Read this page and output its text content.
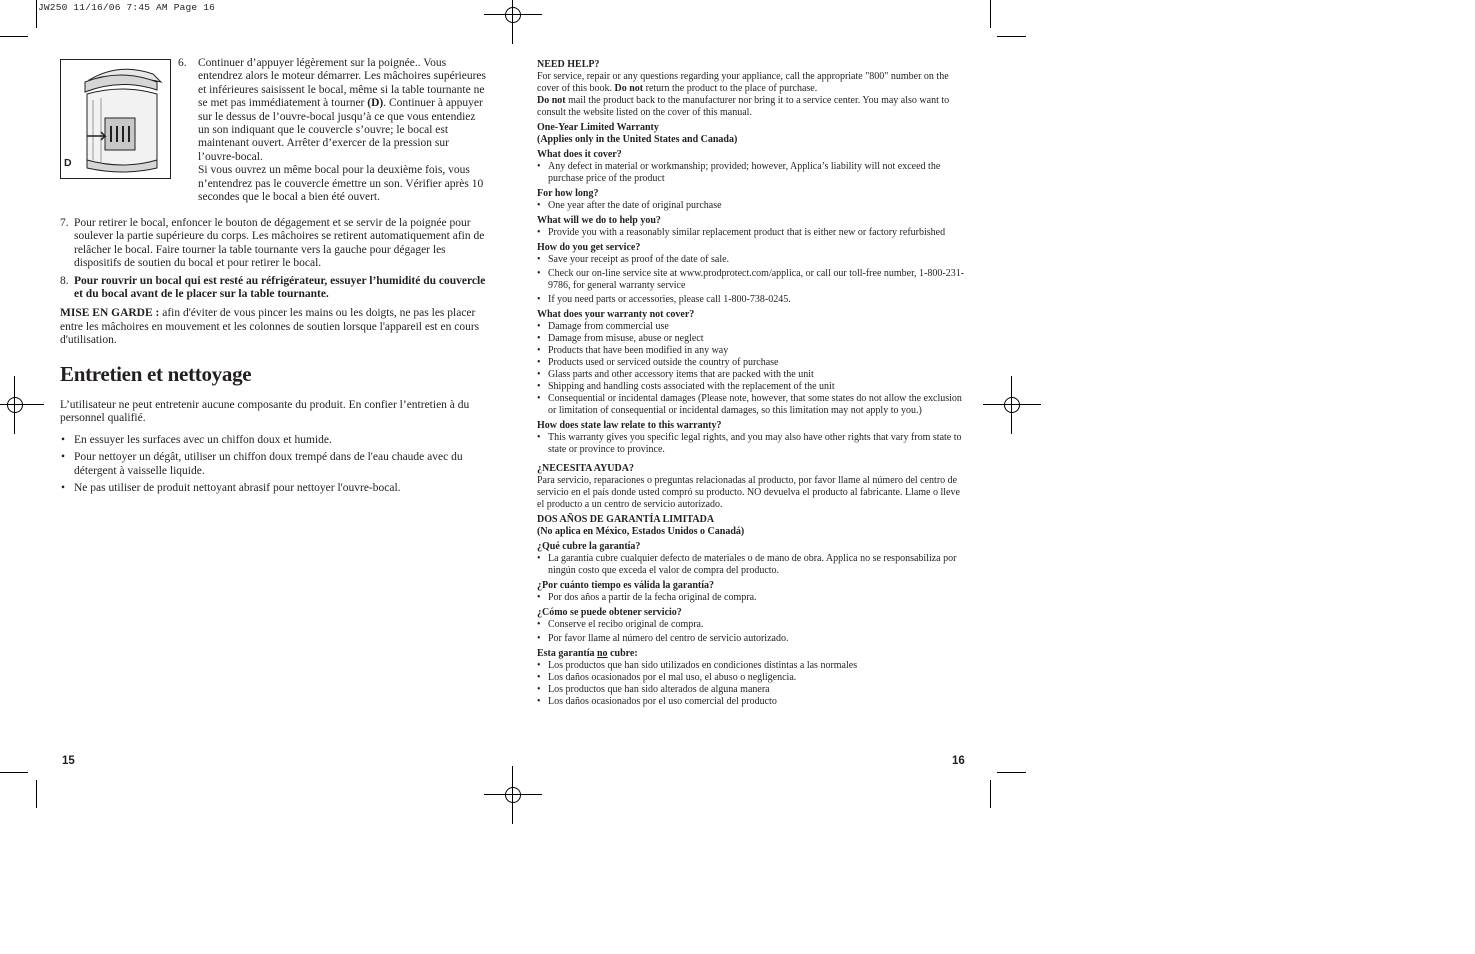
JW250 11/16/06 7:45 AM Page 16
D
6. Continuer d’appuyer légèrement sur la poignée.. Vous entendrez alors le moteur démarrer. Les mâchoires supérieures et inférieures saisissent le bocal, même si la table tournante ne se met pas immédiatement à tourner (D). Continuer à appuyer sur le dessus de l’ouvre-bocal jusqu’à ce que vous entendiez un son indiquant que le couvercle s’ouvre; le bocal est maintenant ouvert. Arrêter d’exercer de la pression sur l’ouvre-bocal.
Si vous ouvrez un même bocal pour la deuxième fois, vous n’entendrez pas le couvercle émettre un son. Vérifier après 10 secondes que le bocal a bien été ouvert.
7. Pour retirer le bocal, enfoncer le bouton de dégagement et se servir de la poignée pour soulever la partie supérieure du corps. Les mâchoires se retirent automatiquement afin de relâcher le bocal. Faire tourner la table tournante vers la gauche pour dégager les dispositifs de soutien du bocal et pour retirer le bocal.
8. Pour rouvrir un bocal qui est resté au réfrigérateur, essuyer l’humidité du couvercle et du bocal avant de le placer sur la table tournante.
MISE EN GARDE : afin d'éviter de vous pincer les mains ou les doigts, ne pas les placer entre les mâchoires en mouvement et les colonnes de soutien lorsque l'appareil est en cours d'utilisation.
Entretien et nettoyage
L’utilisateur ne peut entretenir aucune composante du produit. En confier l’entretien à du personnel qualifié.
• En essuyer les surfaces avec un chiffon doux et humide.
• Pour nettoyer un dégât, utiliser un chiffon doux trempé dans de l'eau chaude avec du détergent à vaisselle liquide.
• Ne pas utiliser de produit nettoyant abrasif pour nettoyer l'ouvre-bocal.
15
NEED HELP?
For service, repair or any questions regarding your appliance, call the appropriate "800" number on the cover of this book. Do not return the product to the place of purchase.
Do not mail the product back to the manufacturer nor bring it to a service center. You may also want to consult the website listed on the cover of this manual.
One-Year Limited Warranty
(Applies only in the United States and Canada)
What does it cover?
• Any defect in material or workmanship; provided; however, Applica’s liability will not exceed the purchase price of the product
For how long?
• One year after the date of original purchase
What will we do to help you?
• Provide you with a reasonably similar replacement product that is either new or factory refurbished
How do you get service?
• Save your receipt as proof of the date of sale.
• Check our on-line service site at www.prodprotect.com/applica, or call our toll-free number, 1-800-231-9786, for general warranty service
• If you need parts or accessories, please call 1-800-738-0245.
What does your warranty not cover?
• Damage from commercial use
• Damage from misuse, abuse or neglect
• Products that have been modified in any way
• Products used or serviced outside the country of purchase
• Glass parts and other accessory items that are packed with the unit
• Shipping and handling costs associated with the replacement of the unit
• Consequential or incidental damages (Please note, however, that some states do not allow the exclusion or limitation of consequential or incidental damages, so this limitation may not apply to you.)
How does state law relate to this warranty?
• This warranty gives you specific legal rights, and you may also have other rights that vary from state to state or province to province.
¿NECESITA AYUDA?
Para servicio, reparaciones o preguntas relacionadas al producto, por favor llame al número del centro de servicio en el país donde usted compró su producto. NO devuelva el producto al fabricante. Llame o lleve el producto a un centro de servicio autorizado.
DOS AÑOS DE GARANTÍA LIMITADA
(No aplica en México, Estados Unidos o Canadá)
¿Qué cubre la garantía?
• La garantía cubre cualquier defecto de materiales o de mano de obra. Applica no se responsabiliza por ningún costo que exceda el valor de compra del producto.
¿Por cuánto tiempo es válida la garantía?
• Por dos años a partir de la fecha original de compra.
¿Cómo se puede obtener servicio?
• Conserve el recibo original de compra.
• Por favor llame al número del centro de servicio autorizado.
Esta garantía no cubre:
• Los productos que han sido utilizados en condiciones distintas a las normales
• Los daños ocasionados por el mal uso, el abuso o negligencia.
• Los productos que han sido alterados de alguna manera
• Los daños ocasionados por el uso comercial del producto
16
